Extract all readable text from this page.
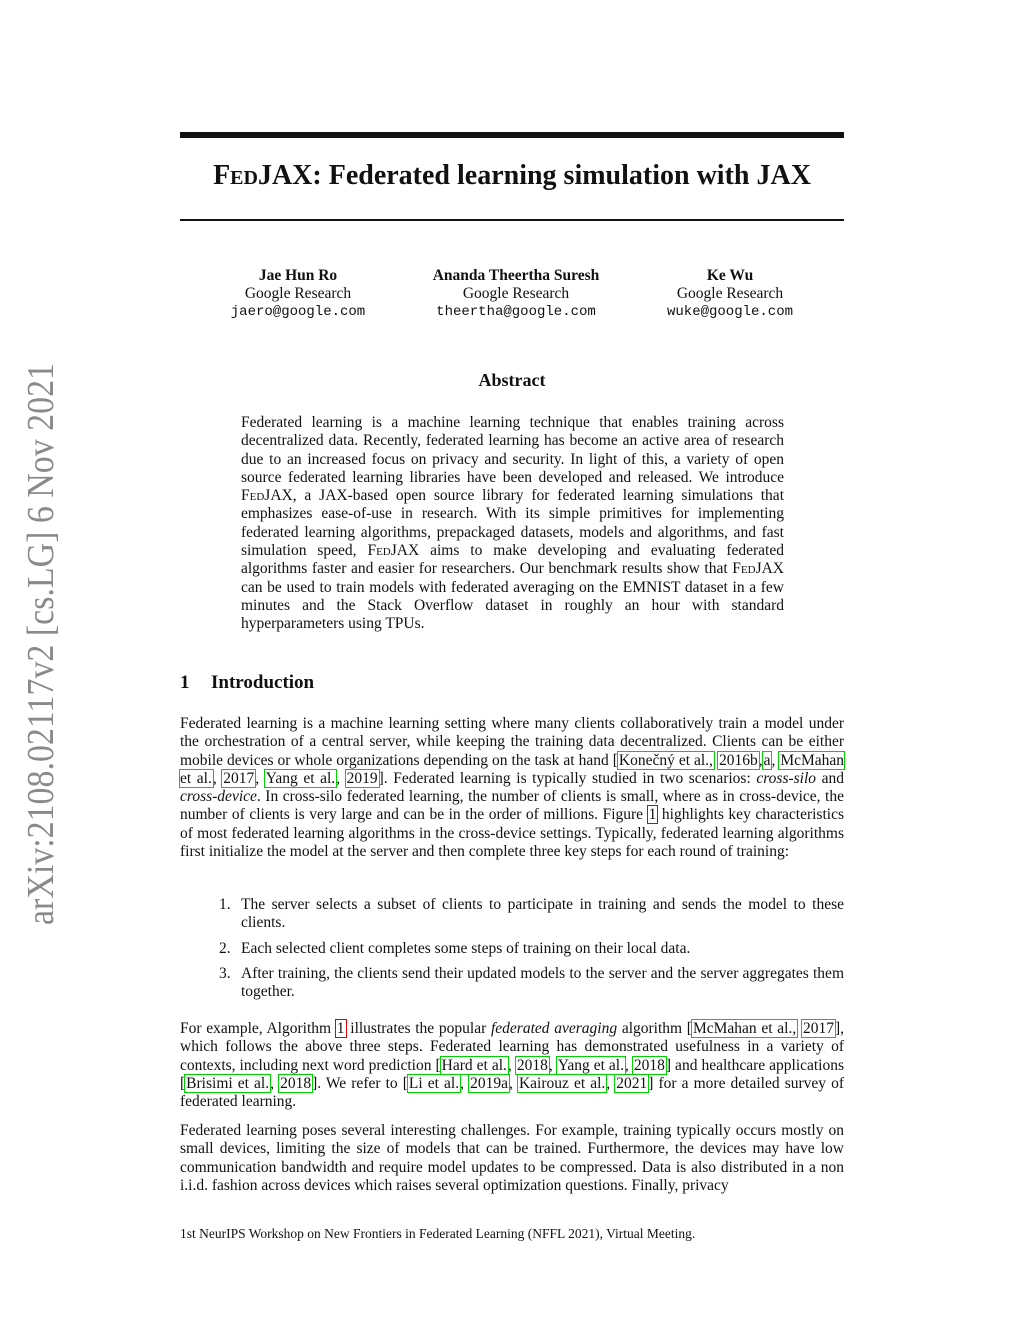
arXiv:2108.02117v2 [cs.LG] 6 Nov 2021
FedJAX: Federated learning simulation with JAX
Jae Hun Ro
Google Research
jaero@google.com
Ananda Theertha Suresh
Google Research
theertha@google.com
Ke Wu
Google Research
wuke@google.com
Abstract
Federated learning is a machine learning technique that enables training across decentralized data. Recently, federated learning has become an active area of research due to an increased focus on privacy and security. In light of this, a variety of open source federated learning libraries have been developed and released. We introduce FedJAX, a JAX-based open source library for federated learning simulations that emphasizes ease-of-use in research. With its simple primitives for implementing federated learning algorithms, prepackaged datasets, models and algorithms, and fast simulation speed, FedJAX aims to make developing and evaluating federated algorithms faster and easier for researchers. Our benchmark results show that FedJAX can be used to train models with federated averaging on the EMNIST dataset in a few minutes and the Stack Overflow dataset in roughly an hour with standard hyperparameters using TPUs.
1 Introduction
Federated learning is a machine learning setting where many clients collaboratively train a model under the orchestration of a central server, while keeping the training data decentralized. Clients can be either mobile devices or whole organizations depending on the task at hand [Konečný et al., 2016b,a, McMahan et al., 2017, Yang et al., 2019]. Federated learning is typically studied in two scenarios: cross-silo and cross-device. In cross-silo federated learning, the number of clients is small, where as in cross-device, the number of clients is very large and can be in the order of millions. Figure 1 highlights key characteristics of most federated learning algorithms in the cross-device settings. Typically, federated learning algorithms first initialize the model at the server and then complete three key steps for each round of training:
1. The server selects a subset of clients to participate in training and sends the model to these clients.
2. Each selected client completes some steps of training on their local data.
3. After training, the clients send their updated models to the server and the server aggregates them together.
For example, Algorithm 1 illustrates the popular federated averaging algorithm [McMahan et al., 2017], which follows the above three steps. Federated learning has demonstrated usefulness in a variety of contexts, including next word prediction [Hard et al., 2018, Yang et al., 2018] and healthcare applications [Brisimi et al., 2018]. We refer to [Li et al., 2019a, Kairouz et al., 2021] for a more detailed survey of federated learning.
Federated learning poses several interesting challenges. For example, training typically occurs mostly on small devices, limiting the size of models that can be trained. Furthermore, the devices may have low communication bandwidth and require model updates to be compressed. Data is also distributed in a non i.i.d. fashion across devices which raises several optimization questions. Finally, privacy
1st NeurIPS Workshop on New Frontiers in Federated Learning (NFFL 2021), Virtual Meeting.
